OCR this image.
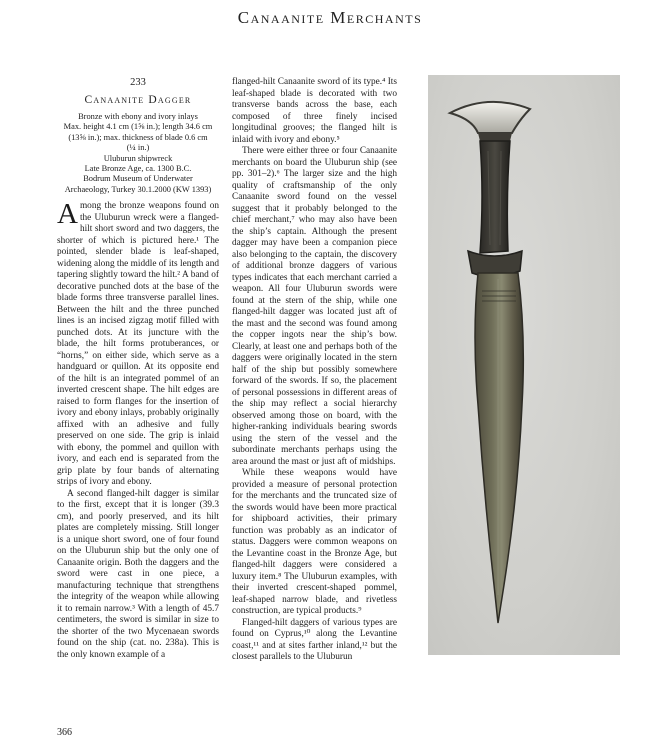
Canaanite Merchants
233
Canaanite Dagger
Bronze with ebony and ivory inlays
Max. height 4.1 cm (1⅝ in.); length 34.6 cm
(13⅝ in.); max. thickness of blade 0.6 cm
(¼ in.)
Uluburun shipwreck
Late Bronze Age, ca. 1300 B.C.
Bodrum Museum of Underwater
Archaeology, Turkey 30.1.2000 (KW 1393)

Among the bronze weapons found on the Uluburun wreck were a flanged-hilt short sword and two daggers, the shorter of which is pictured here.¹ The pointed, slender blade is leaf-shaped, widening along the middle of its length and tapering slightly toward the hilt.² A band of decorative punched dots at the base of the blade forms three transverse parallel lines. Between the hilt and the three punched lines is an incised zigzag motif filled with punched dots. At its juncture with the blade, the hilt forms protuberances, or “horns,” on either side, which serve as a handguard or quillon. At its opposite end of the hilt is an integrated pommel of an inverted crescent shape. The hilt edges are raised to form flanges for the insertion of ivory and ebony inlays, probably originally affixed with an adhesive and fully preserved on one side. The grip is inlaid with ebony, the pommel and quillon with ivory, and each end is separated from the grip plate by four bands of alternating strips of ivory and ebony.

A second flanged-hilt dagger is similar to the first, except that it is longer (39.3 cm), and poorly preserved, and its hilt plates are completely missing. Still longer is a unique short sword, one of four found on the Uluburun ship but the only one of Canaanite origin. Both the daggers and the sword were cast in one piece, a manufacturing technique that strengthens the integrity of the weapon while allowing it to remain narrow.³ With a length of 45.7 centimeters, the sword is similar in size to the shorter of the two Mycenaean swords found on the ship (cat. no. 238a). This is the only known example of a

flanged-hilt Canaanite sword of its type.⁴ Its leaf-shaped blade is decorated with two transverse bands across the base, each composed of three finely incised longitudinal grooves; the flanged hilt is inlaid with ivory and ebony.⁵

There were either three or four Canaanite merchants on board the Uluburun ship (see pp. 301–2).⁶ The larger size and the high quality of craftsmanship of the only Canaanite sword found on the vessel suggest that it probably belonged to the chief merchant,⁷ who may also have been the ship’s captain. Although the present dagger may have been a companion piece also belonging to the captain, the discovery of additional bronze daggers of various types indicates that each merchant carried a weapon. All four Uluburun swords were found at the stern of the ship, while one flanged-hilt dagger was located just aft of the mast and the second was found among the copper ingots near the ship’s bow. Clearly, at least one and perhaps both of the daggers were originally located in the stern half of the ship but possibly somewhere forward of the swords. If so, the placement of personal possessions in different areas of the ship may reflect a social hierarchy observed among those on board, with the higher-ranking individuals bearing swords using the stern of the vessel and the subordinate merchants perhaps using the area around the mast or just aft of midships.

While these weapons would have provided a measure of personal protection for the merchants and the truncated size of the swords would have been more practical for shipboard activities, their primary function was probably as an indicator of status. Daggers were common weapons on the Levantine coast in the Bronze Age, but flanged-hilt daggers were considered a luxury item.⁸ The Uluburun examples, with their inverted crescent-shaped pommel, leaf-shaped narrow blade, and rivetless construction, are typical products.⁹

Flanged-hilt daggers of various types are found on Cyprus,¹⁰ along the Levantine coast,¹¹ and at sites farther inland,¹² but the closest parallels to the Uluburun

366
